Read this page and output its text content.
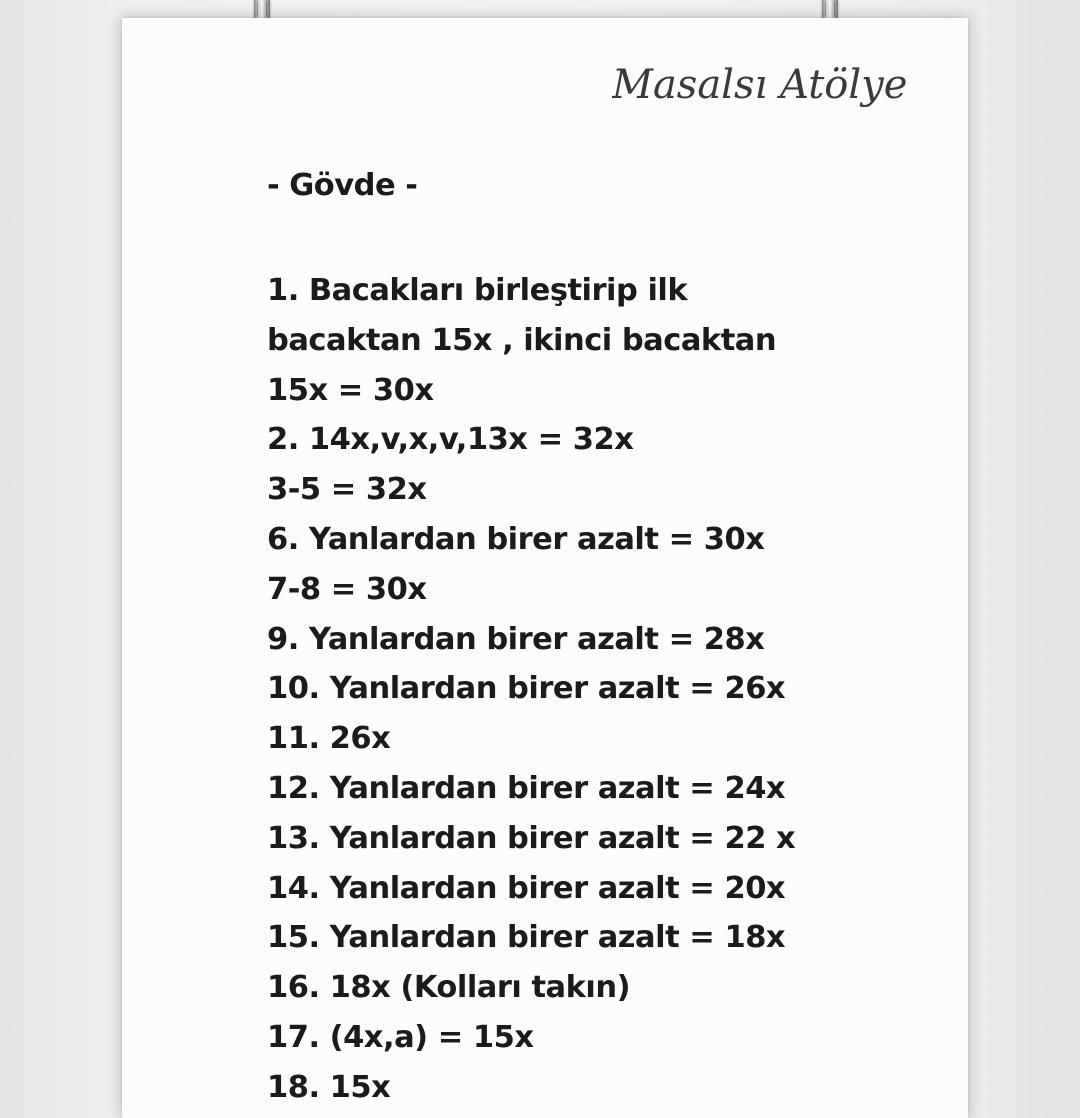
Masalsı Atölye
- Gövde -
1. Bacakları birleştirip ilk
bacaktan 15x , ikinci bacaktan
15x = 30x
2. 14x,v,x,v,13x = 32x
3-5 = 32x
6. Yanlardan birer azalt = 30x
7-8 = 30x
9. Yanlardan birer azalt = 28x
10. Yanlardan birer azalt = 26x
11. 26x
12. Yanlardan birer azalt = 24x
13. Yanlardan birer azalt = 22 x
14. Yanlardan birer azalt = 20x
15. Yanlardan birer azalt = 18x
16. 18x (Kolları takın)
17. (4x,a) = 15x
18. 15x
